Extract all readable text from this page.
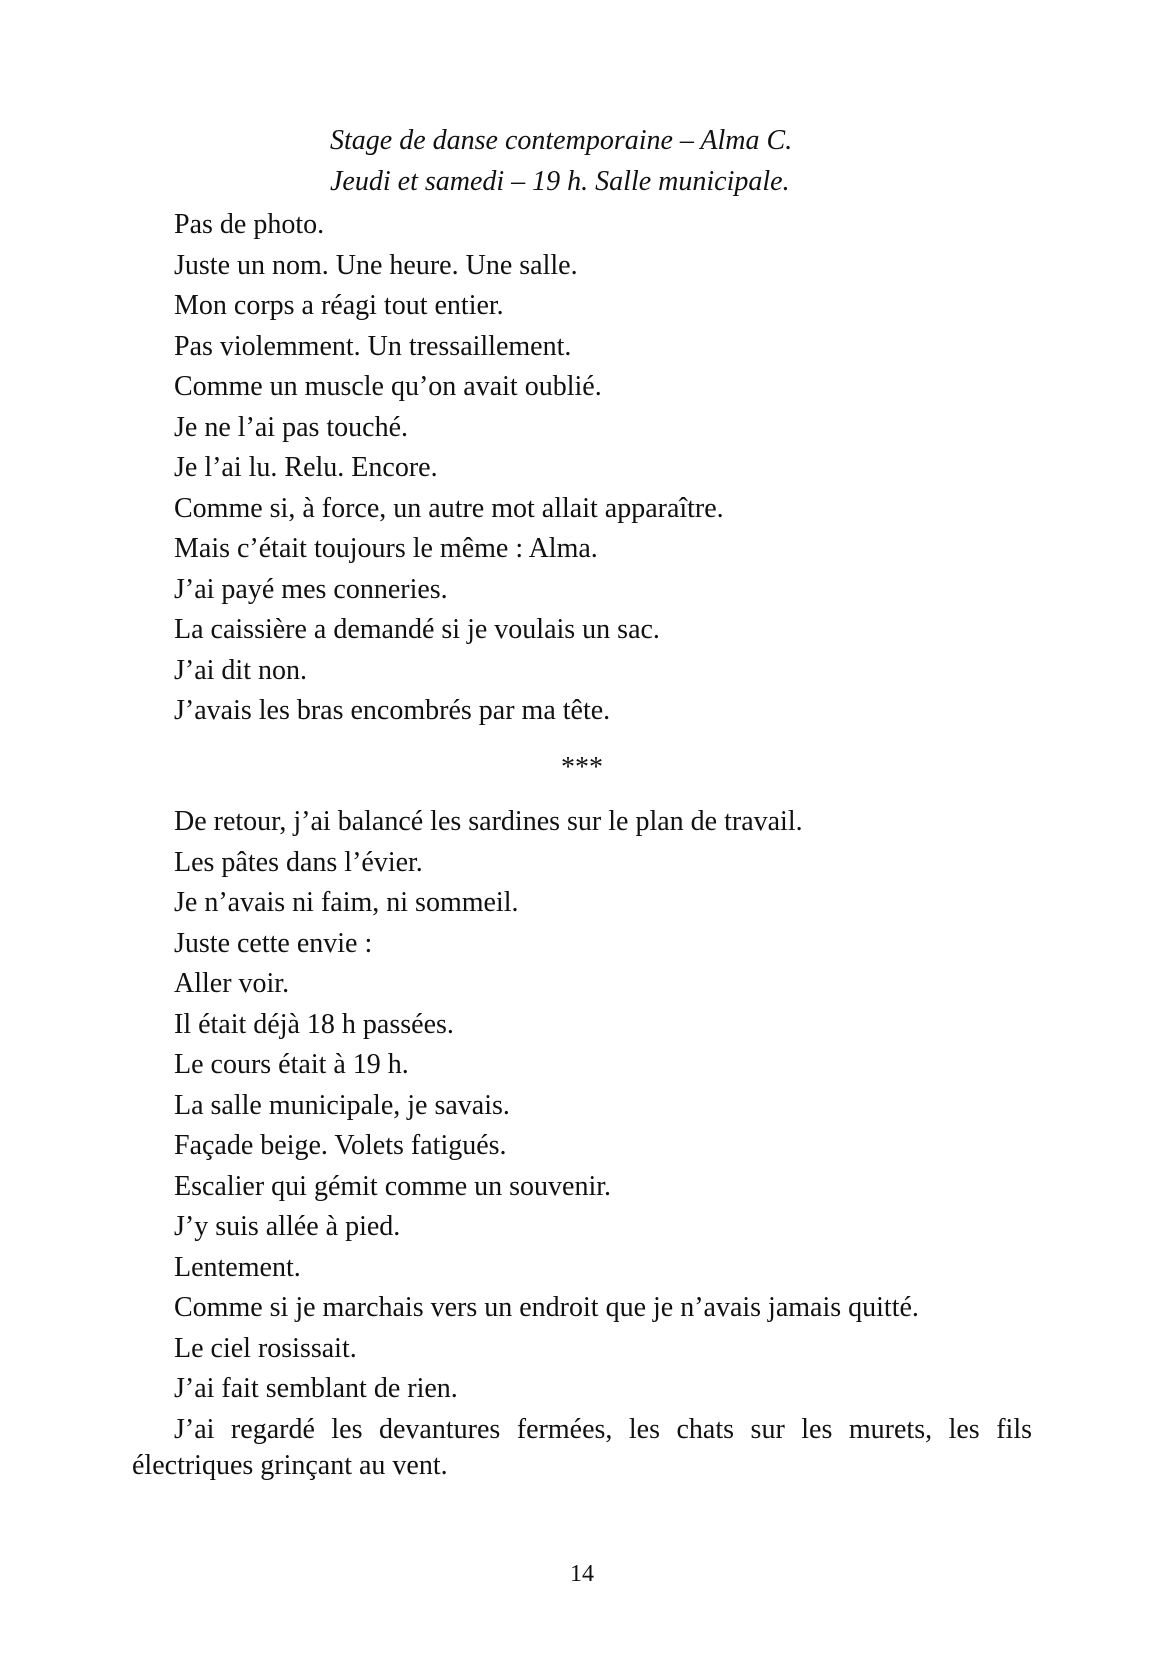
Stage de danse contemporaine – Alma C.
Jeudi et samedi – 19 h. Salle municipale.
Pas de photo.
Juste un nom. Une heure. Une salle.
Mon corps a réagi tout entier.
Pas violemment. Un tressaillement.
Comme un muscle qu’on avait oublié.
Je ne l’ai pas touché.
Je l’ai lu. Relu. Encore.
Comme si, à force, un autre mot allait apparaître.
Mais c’était toujours le même : Alma.
J’ai payé mes conneries.
La caissière a demandé si je voulais un sac.
J’ai dit non.
J’avais les bras encombrés par ma tête.
***
De retour, j’ai balancé les sardines sur le plan de travail.
Les pâtes dans l’évier.
Je n’avais ni faim, ni sommeil.
Juste cette envie :
Aller voir.
Il était déjà 18 h passées.
Le cours était à 19 h.
La salle municipale, je savais.
Façade beige. Volets fatigués.
Escalier qui gémit comme un souvenir.
J’y suis allée à pied.
Lentement.
Comme si je marchais vers un endroit que je n’avais jamais quitté.
Le ciel rosissait.
J’ai fait semblant de rien.
J’ai regardé les devantures fermées, les chats sur les murets, les fils électriques grinçant au vent.
14
